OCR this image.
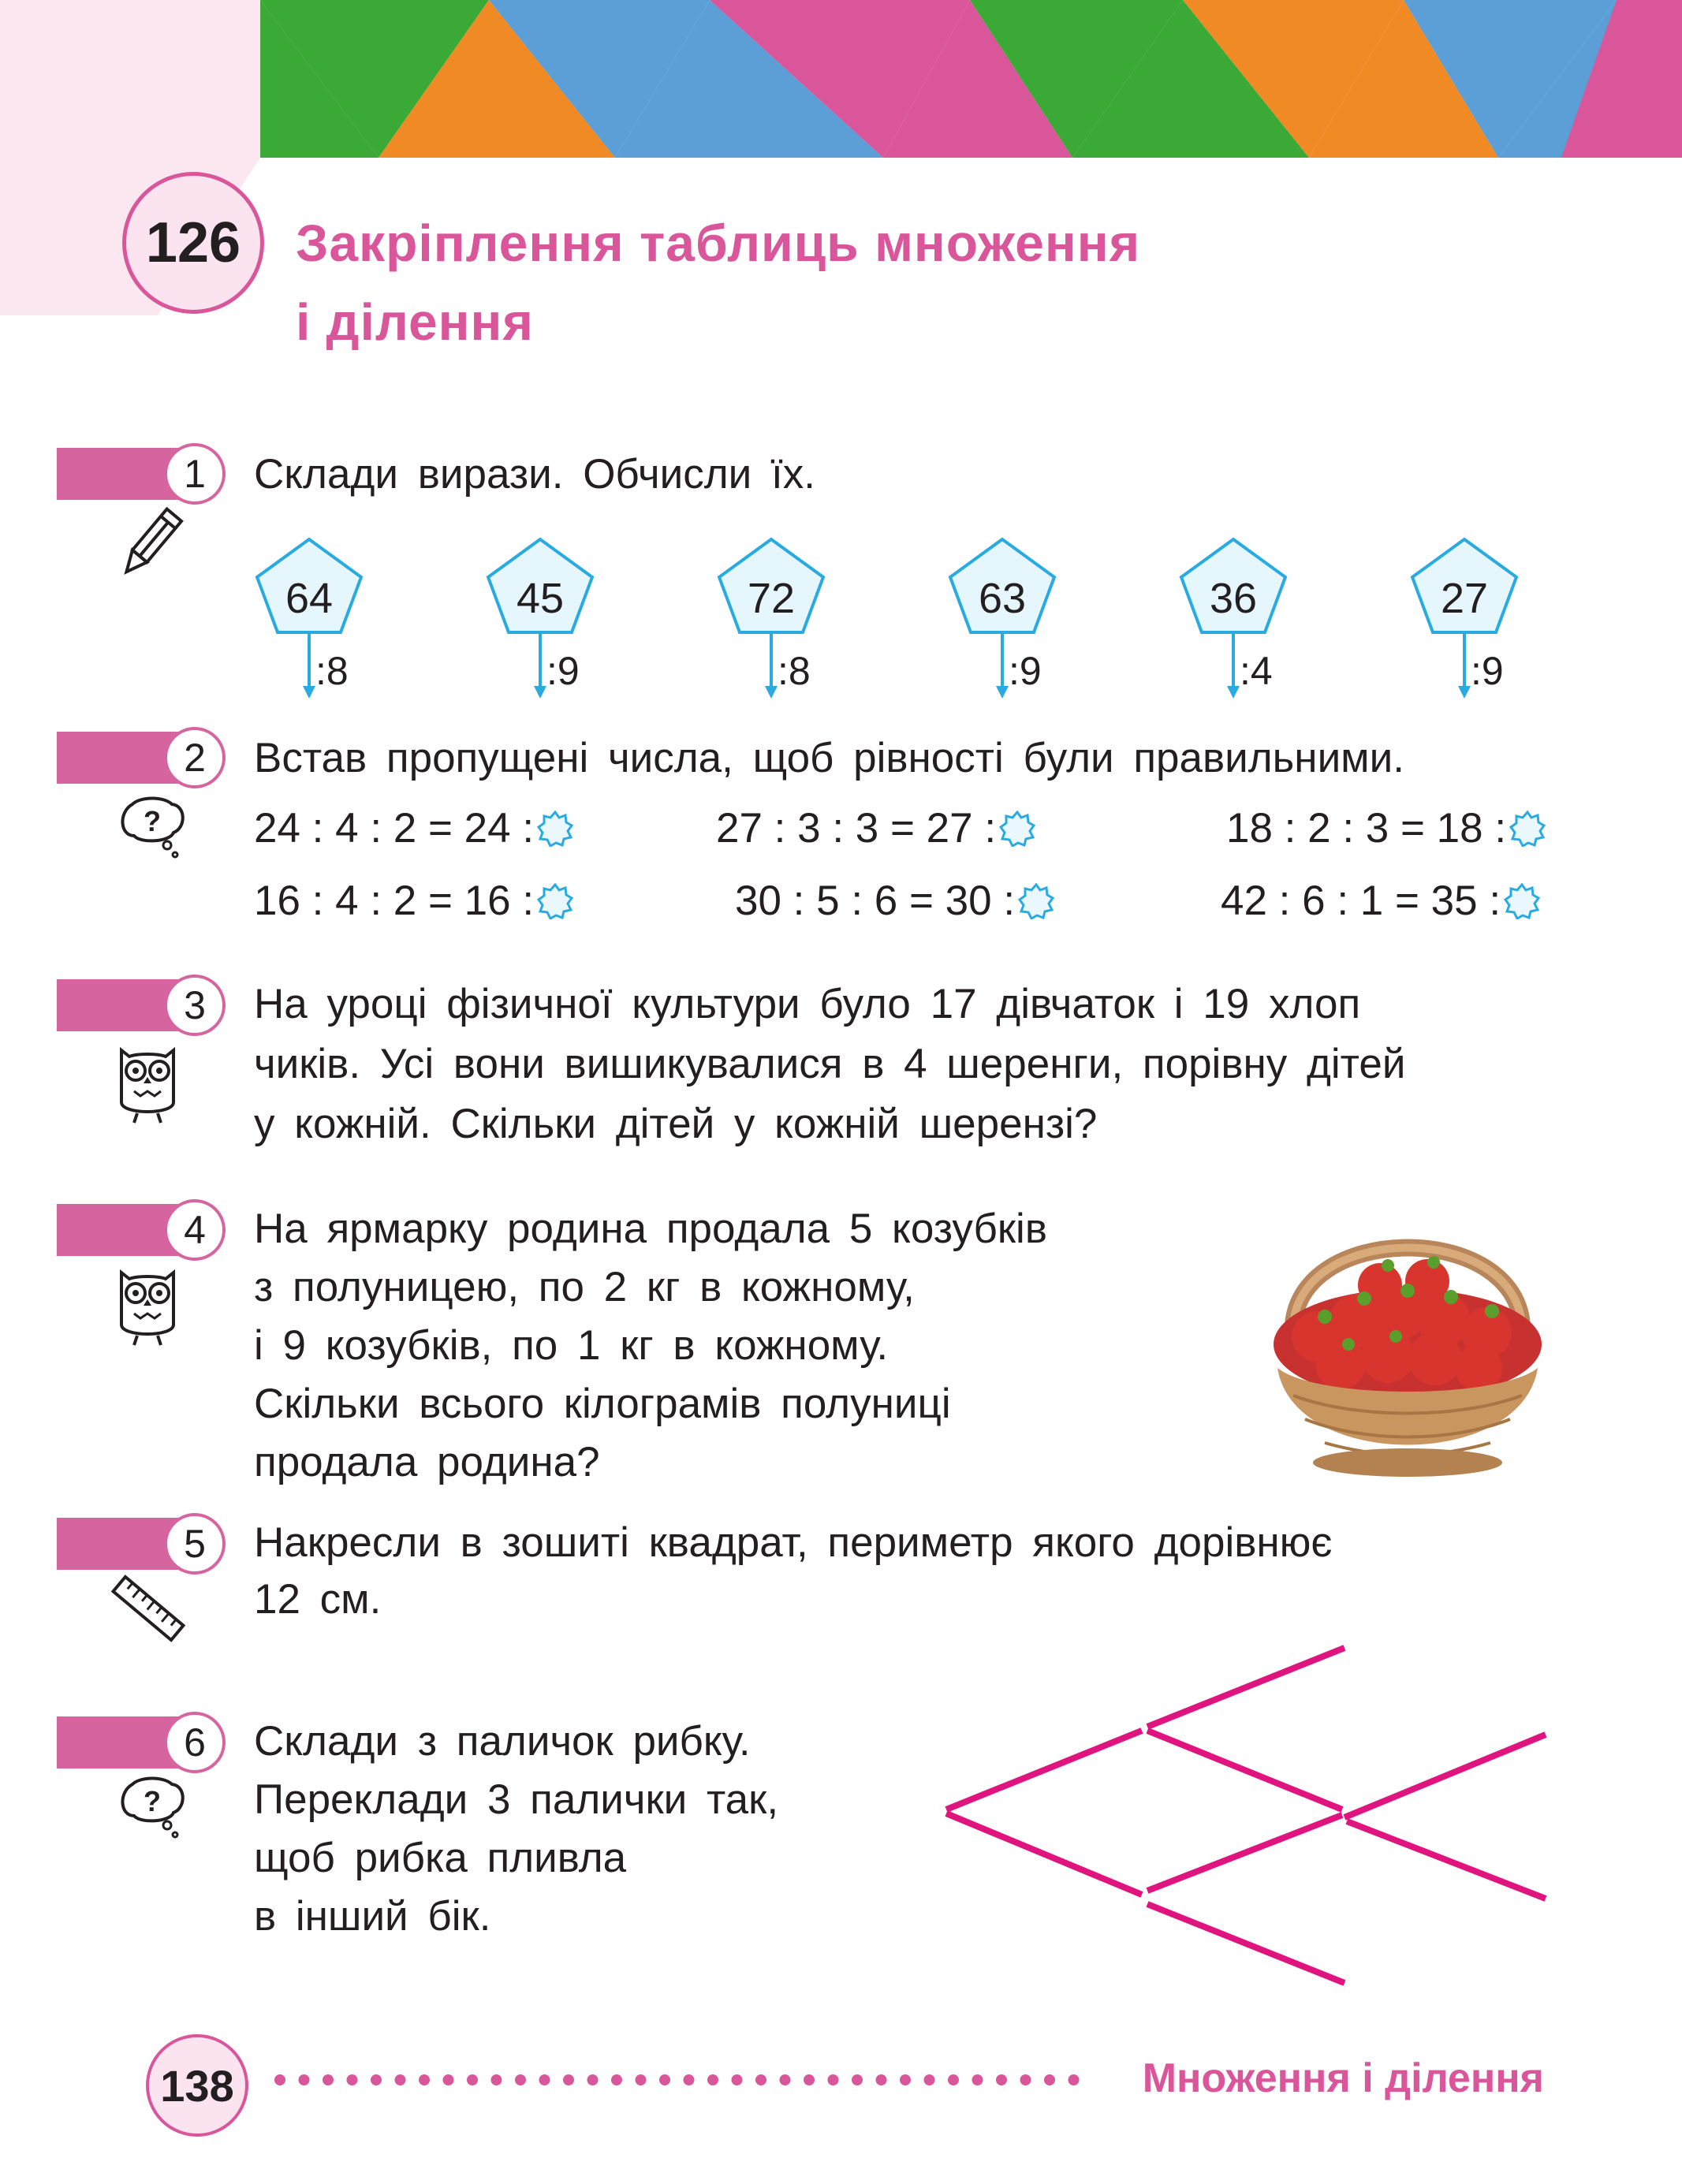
126	Закріплення таблиць множення
і ділення
1	Склади вирази. Обчисли їх.
64
:8
45
:9
72
:8
63
:9
36
:4
27
:9
2	Встав пропущені числа, щоб рівності були правильними.
? 24 : 4 : 2 = 24 :	27 : 3 : 3 = 27 :	18 : 2 : 3 = 18 :
16 : 4 : 2 = 16 :	30 : 5 : 6 = 30 :	42 : 6 : 1 = 35 :
3	На уроці фізичної культури було 17 дівчаток і 19 хлоп
чиків. Усі вони вишикувалися в 4 шеренги, порівну дітей
у кожній. Скільки дітей у кожній шерензі?
4	На ярмарку родина продала 5 козубків
з полуницею, по 2 кг в кожному,
і 9 козубків, по 1 кг в кожному.
Скільки всього кілограмів полуниці
продала родина?
5	Накресли в зошиті квадрат, периметр якого дорівнює
12 см.
6	Склади з паличок рибку.
Переклади 3 палички так,
щоб рибка пливла
в інший бік.
?
138	Множення і ділення
